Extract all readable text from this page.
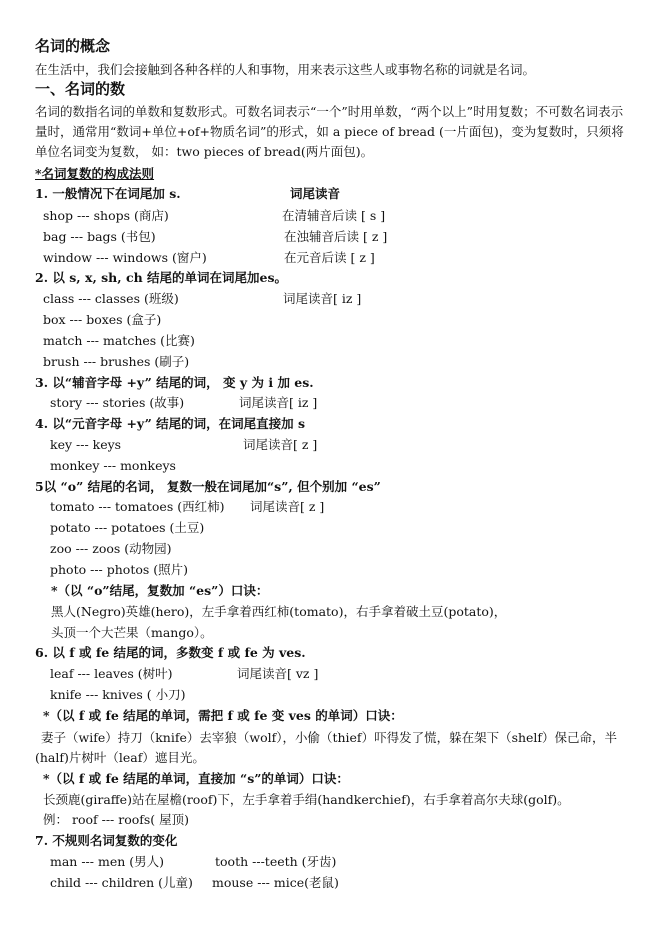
名词的概念
在生活中，我们会接触到各种各样的人和事物，用来表示这些人或事物名称的词就是名词。
一、名词的数
名词的数指名词的单数和复数形式。可数名词表示“一个”时用单数，“两个以上”时用复数；不可数名词表示量时，通常用“数词+单位+of+物质名词”的形式，如 a piece of bread (一片面包)，变为复数时，只须将单位名词变为复数， 如：two pieces of bread(两片面包)。
*名词复数的构成法则
1. 一般情况下在词尾加 s.	词尾读音
shop --- shops (商店)	在清辅音后读 [ s ]
bag --- bags (书包)	在浊辅音后读 [ z ]
window --- windows (窗户)	在元音后读 [ z ]
2. 以 s, x, sh, ch 结尾的单词在词尾加es。
class --- classes (班级)	词尾读音[ iz ]
box --- boxes (盒子)
match --- matches (比赛)
brush --- brushes (刷子)
3. 以“辅音字母 +y” 结尾的词， 变 y 为 i 加 es.
story --- stories (故事)	词尾读音[ iz ]
4. 以“元音字母 +y” 结尾的词，在词尾直接加 s
key --- keys	词尾读音[ z ]
monkey --- monkeys
5以 “o” 结尾的名词， 复数一般在词尾加“s”, 但个别加 “es”
tomato --- tomatoes (西红柿) 词尾读音[ z ]
potato --- potatoes (土豆)
zoo --- zoos (动物园)
photo --- photos (照片)
*（以 “o”结尾，复数加 “es”）口诀：
黑人(Negro)英雄(hero)，左手拿着西红柿(tomato)，右手拿着破土豆(potato)，
头顶一个大芒果（mango）。
6. 以 f 或 fe 结尾的词，多数变 f 或 fe 为 ves.
leaf --- leaves (树叶)	词尾读音[ vz ]
knife --- knives ( 小刀)
*（以 f 或 fe 结尾的单词，需把 f 或 fe 变 ves 的单词）口诀：
妻子（wife）持刀（knife）去宰狼（wolf），小偷（thief）吓得发了慌，躲在架下（shelf）保己命，半(half)片树叶（leaf）遮目光。
*（以 f 或 fe 结尾的单词，直接加 “s”的单词）口诀：
长颈鹿(giraffe)站在屋檐(roof)下，左手拿着手绢(handkerchief)，右手拿着高尔夫球(golf)。
例： roof --- roofs( 屋顶)
7. 不规则名词复数的变化
man --- men (男人)	tooth ---teeth (牙齿)
child --- children (儿童) mouse --- mice(老鼠)
